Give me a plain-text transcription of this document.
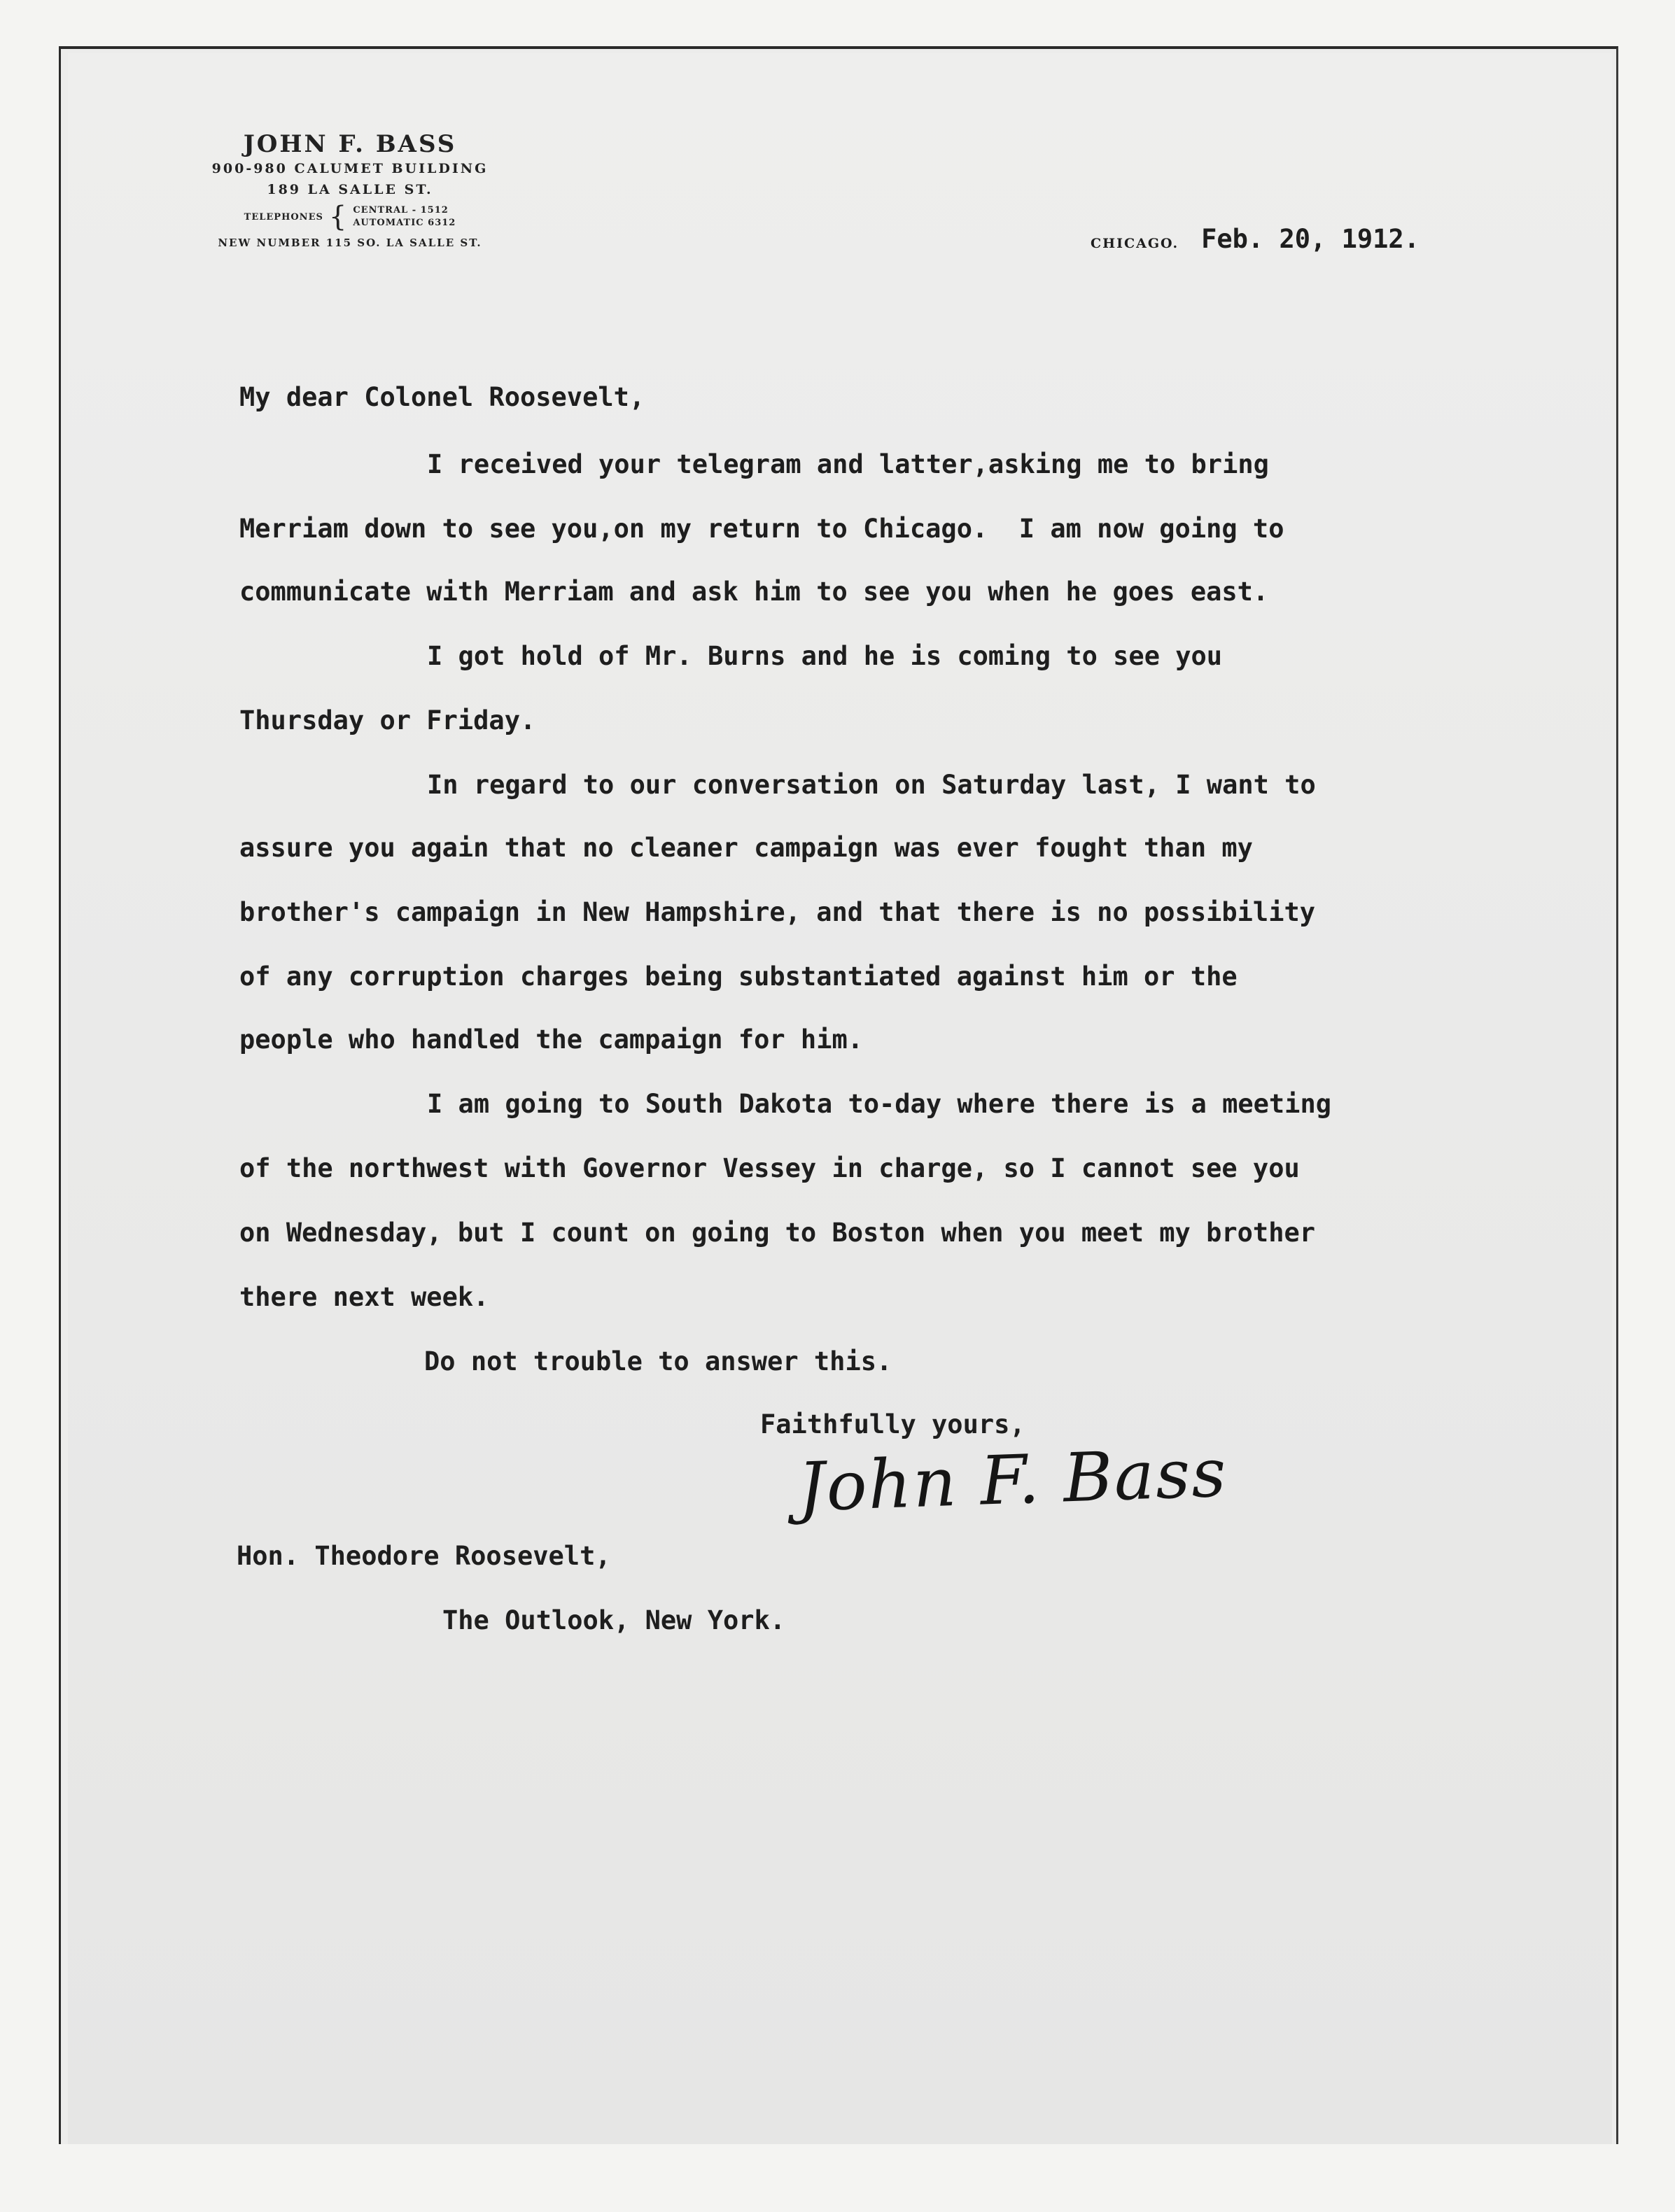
JOHN F. BASS
900-980 CALUMET BUILDING
189 LA SALLE ST.
TELEPHONES { CENTRAL - 1512
AUTOMATIC 6312
NEW NUMBER 115 SO. LA SALLE ST.	CHICAGO. Feb. 20, 1912.
My dear Colonel Roosevelt,
I received your telegram and latter,asking me to bring
Merriam down to see you,on my return to Chicago.  I am now going to
communicate with Merriam and ask him to see you when he goes east.
I got hold of Mr. Burns and he is coming to see you
Thursday or Friday.
In regard to our conversation on Saturday last, I want to
assure you again that no cleaner campaign was ever fought than my
brother's campaign in New Hampshire, and that there is no possibility
of any corruption charges being substantiated against him or the
people who handled the campaign for him.
I am going to South Dakota to-day where there is a meeting
of the northwest with Governor Vessey in charge, so I cannot see you
on Wednesday, but I count on going to Boston when you meet my brother
there next week.
Do not trouble to answer this.
Faithfully yours,
John F. Bass
Hon. Theodore Roosevelt,
The Outlook, New York.
